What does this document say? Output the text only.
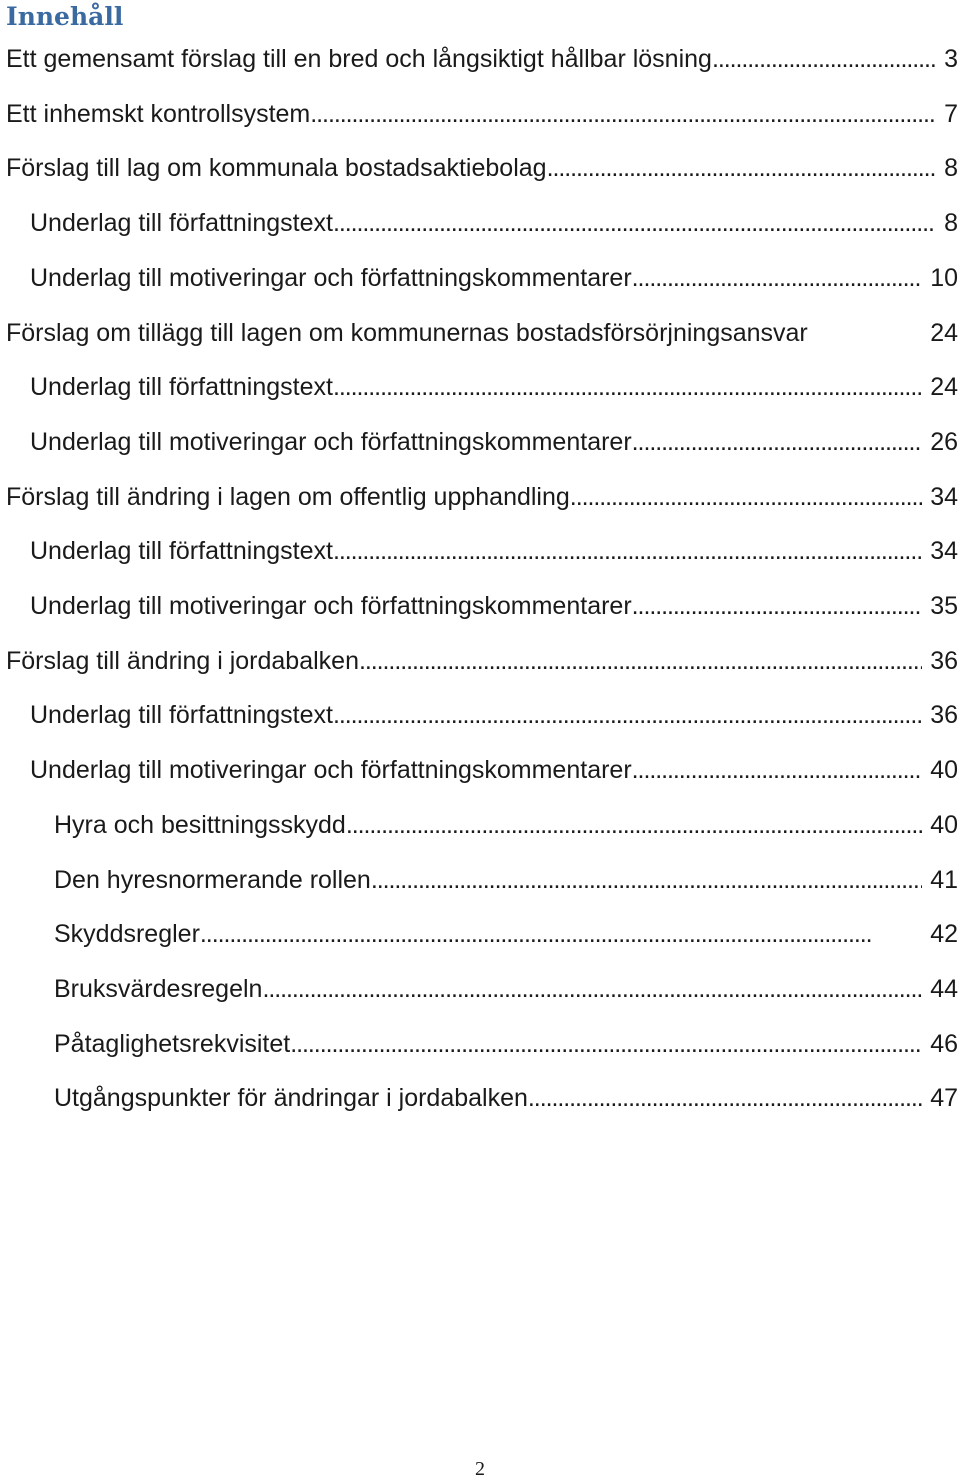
Innehåll
Ett gemensamt förslag till en bred och långsiktigt hållbar lösning . . .	3
Ett inhemskt kontrollsystem . . .	7
Förslag till lag om kommunala bostadsaktiebolag . . .	8
Underlag till författningstext . . .	8
Underlag till motiveringar och författningskommentarer . . .	10
Förslag om tillägg till lagen om kommunernas bostadsförsörjningsansvar	24
Underlag till författningstext . . .	24
Underlag till motiveringar och författningskommentarer . . .	26
Förslag till ändring i lagen om offentlig upphandling . . .	34
Underlag till författningstext . . .	34
Underlag till motiveringar och författningskommentarer . . .	35
Förslag till ändring i jordabalken . . .	36
Underlag till författningstext . . .	36
Underlag till motiveringar och författningskommentarer . . .	40
Hyra och besittningsskydd . . .	40
Den hyresnormerande rollen . . .	41
Skyddsregler . . .	42
Bruksvärdesregeln . . .	44
Påtaglighetsrekvisitet . . .	46
Utgångspunkter för ändringar i jordabalken . . .	47
2
